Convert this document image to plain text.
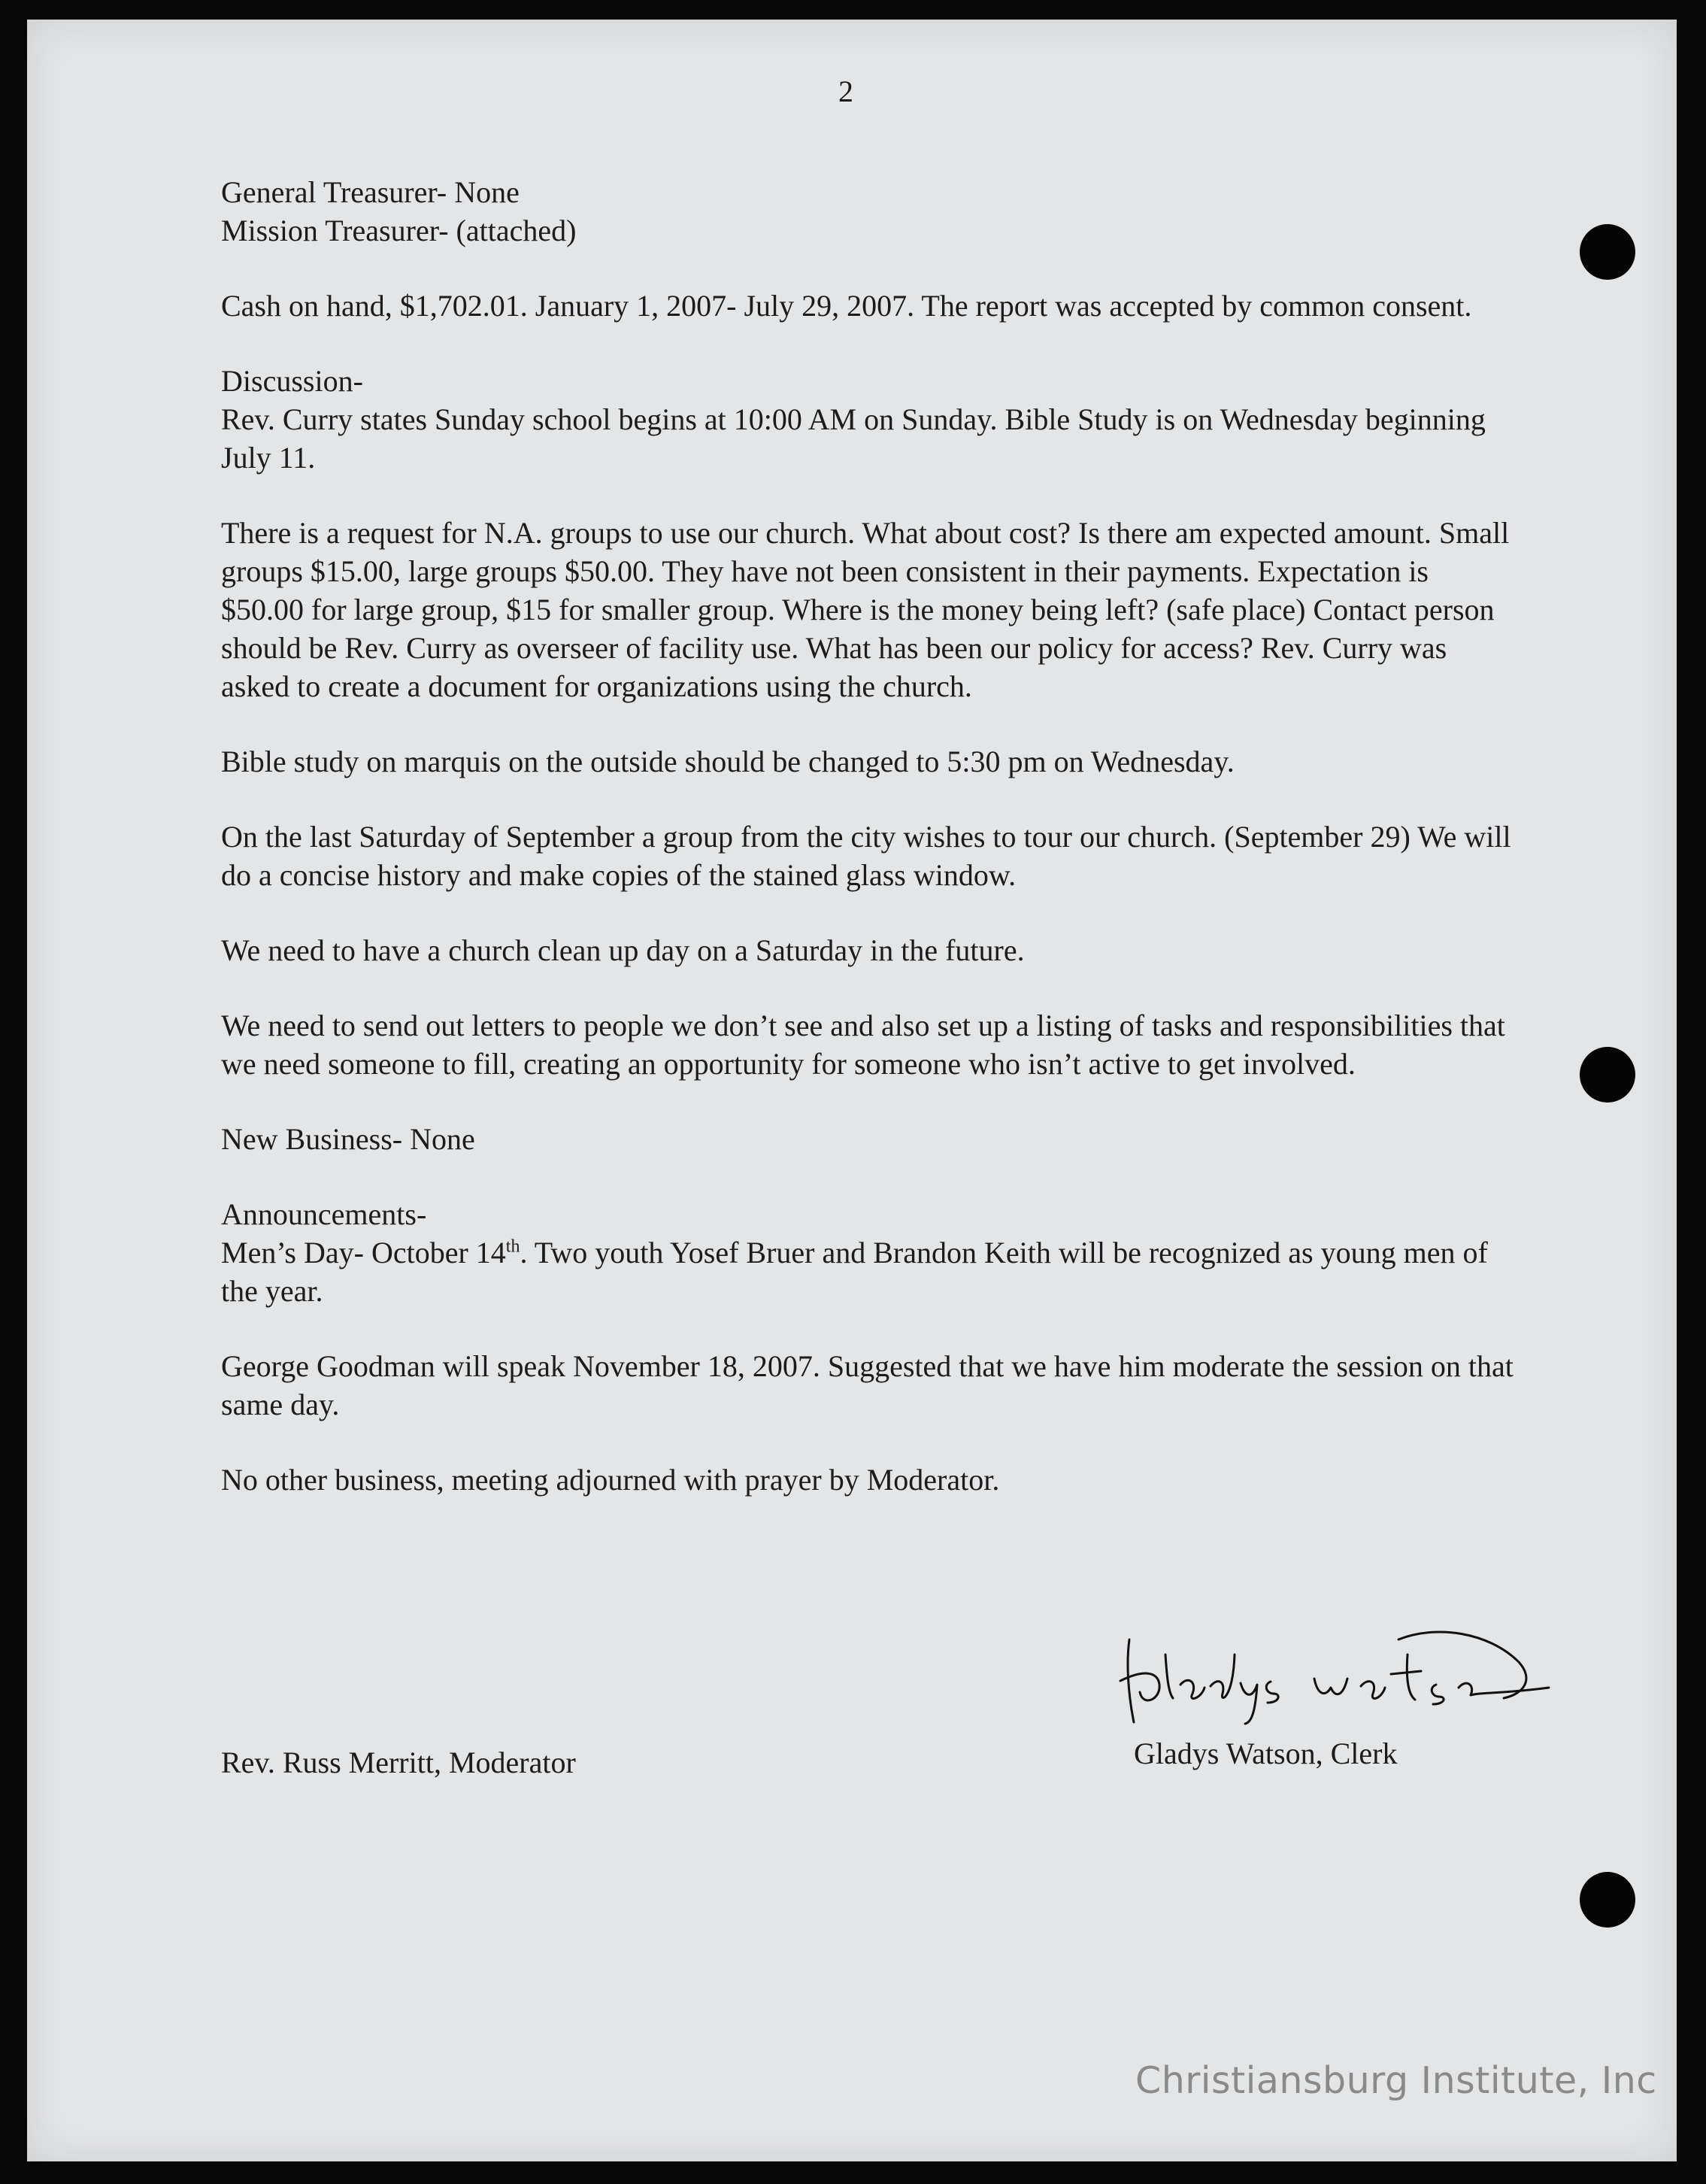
2

General Treasurer- None

Mission Treasurer- (attached)

Cash on hand, $1,702.01. January 1, 2007- July 29, 2007. The report was accepted by common consent.

Discussion-

Rev. Curry states Sunday school begins at 10:00 AM on Sunday. Bible Study is on Wednesday beginning July 11.

There is a request for N.A. groups to use our church. What about cost? Is there am expected amount. Small groups $15.00, large groups $50.00. They have not been consistent in their payments. Expectation is $50.00 for large group, $15 for smaller group. Where is the money being left? (safe place) Contact person should be Rev. Curry as overseer of facility use. What has been our policy for access? Rev. Curry was asked to create a document for organizations using the church.

Bible study on marquis on the outside should be changed to 5:30 pm on Wednesday.

On the last Saturday of September a group from the city wishes to tour our church. (September 29) We will do a concise history and make copies of the stained glass window.

We need to have a church clean up day on a Saturday in the future.

We need to send out letters to people we don’t see and also set up a listing of tasks and responsibilities that we need someone to fill, creating an opportunity for someone who isn’t active to get involved.

New Business- None

Announcements-

Men’s Day- October 14th. Two youth Yosef Bruer and Brandon Keith will be recognized as young men of the year.

George Goodman will speak November 18, 2007. Suggested that we have him moderate the session on that same day.

No other business, meeting adjourned with prayer by Moderator.

Rev. Russ Merritt, Moderator	Gladys Watson, Clerk
Christiansburg Institute, Inc
